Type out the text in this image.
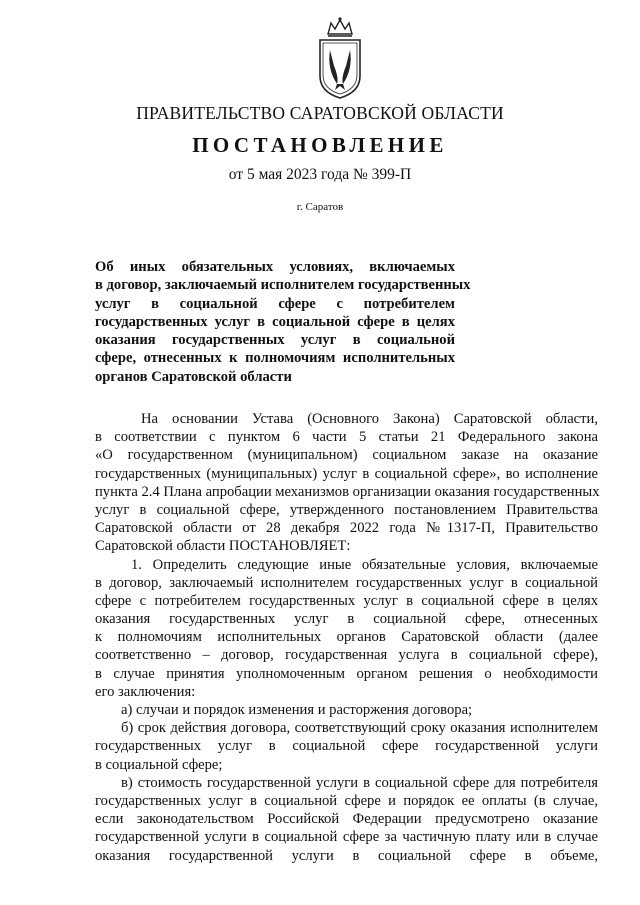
ПРАВИТЕЛЬСТВО САРАТОВСКОЙ ОБЛАСТИ
ПОСТАНОВЛЕНИЕ
от 5 мая 2023 года № 399-П
г. Саратов
Об иных обязательных условиях, включаемых
в договор, заключаемый исполнителем государственных
услуг в социальной сфере с потребителем
государственных услуг в социальной сфере в целях
оказания государственных услуг в социальной
сфере, отнесенных к полномочиям исполнительных
органов Саратовской области
На основании Устава (Основного Закона) Саратовской области,
в соответствии с пунктом 6 части 5 статьи 21 Федерального закона
«О государственном (муниципальном) социальном заказе на оказание
государственных (муниципальных) услуг в социальной сфере», во исполнение
пункта 2.4 Плана апробации механизмов организации оказания государственных
услуг в социальной сфере, утвержденного постановлением Правительства
Саратовской области от 28 декабря 2022 года №1317-П, Правительство
Саратовской области ПОСТАНОВЛЯЕТ:
1. Определить следующие иные обязательные условия, включаемые
в договор, заключаемый исполнителем государственных услуг в социальной
сфере с потребителем государственных услуг в социальной сфере в целях
оказания государственных услуг в социальной сфере, отнесенных
к полномочиям исполнительных органов Саратовской области (далее
соответственно – договор, государственная услуга в социальной сфере),
в случае принятия уполномоченным органом решения о необходимости
его заключения:
а) случаи и порядок изменения и расторжения договора;
б) срок действия договора, соответствующий сроку оказания исполнителем
государственных услуг в социальной сфере государственной услуги
в социальной сфере;
в) стоимость государственной услуги в социальной сфере для потребителя
государственных услуг в социальной сфере и порядок ее оплаты (в случае,
если законодательством Российской Федерации предусмотрено оказание
государственной услуги в социальной сфере за частичную плату или в случае
оказания государственной услуги в социальной сфере в объеме,
